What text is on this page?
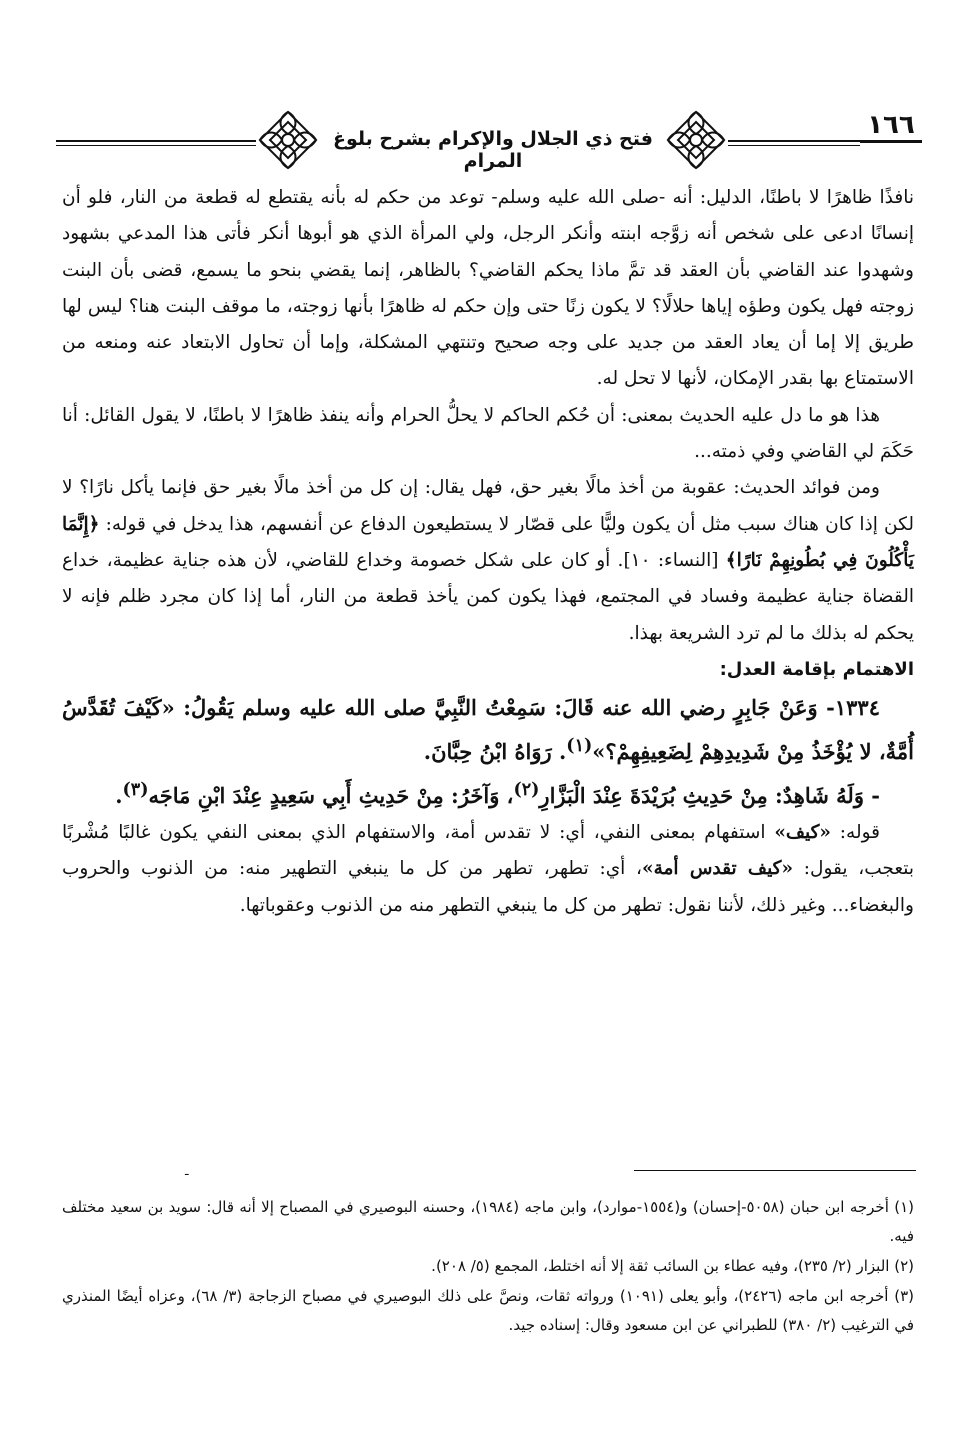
فتح ذي الجلال والإكرام بشرح بلوغ المرام
١٦٦

نافذًا ظاهرًا لا باطنًا، الدليل: أنه -صلى الله عليه وسلم- توعد من حكم له بأنه يقتطع له قطعة من النار، فلو أن إنسانًا ادعى على شخص أنه زوَّجه ابنته وأنكر الرجل، ولي المرأة الذي هو أبوها أنكر فأتى هذا المدعي بشهود وشهدوا عند القاضي بأن العقد قد تمَّ ماذا يحكم القاضي؟ بالظاهر، إنما يقضي بنحو ما يسمع، قضى بأن البنت زوجته فهل يكون وطؤه إياها حلالًا؟ لا يكون زنًا حتى وإن حكم له ظاهرًا بأنها زوجته، ما موقف البنت هنا؟ ليس لها طريق إلا إما أن يعاد العقد من جديد على وجه صحيح وتنتهي المشكلة، وإما أن تحاول الابتعاد عنه ومنعه من الاستمتاع بها بقدر الإمكان، لأنها لا تحل له.

هذا هو ما دل عليه الحديث بمعنى: أن حُكم الحاكم لا يحلُّ الحرام وأنه ينفذ ظاهرًا لا باطنًا، لا يقول القائل: أنا حَكَمَ لي القاضي وفي ذمته...

ومن فوائد الحديث: عقوبة من أخذ مالًا بغير حق، فهل يقال: إن كل من أخذ مالًا بغير حق فإنما يأكل نارًا؟ لا لكن إذا كان هناك سبب مثل أن يكون وليًّا على قصّار لا يستطيعون الدفاع عن أنفسهم، هذا يدخل في قوله: ﴿إِنَّمَا يَأْكُلُونَ فِي بُطُونِهِمْ نَارًا﴾ [النساء: ١٠]. أو كان على شكل خصومة وخداع للقاضي، لأن هذه جناية عظيمة، خداع القضاة جناية عظيمة وفساد في المجتمع، فهذا يكون كمن يأخذ قطعة من النار، أما إذا كان مجرد ظلم فإنه لا يحكم له بذلك ما لم ترد الشريعة بهذا.

الاهتمام بإقامة العدل:

١٣٣٤- وَعَنْ جَابِرٍ رضي الله عنه قَالَ: سَمِعْتُ النَّبِيَّ صلى الله عليه وسلم يَقُولُ: «كَيْفَ تُقَدَّسُ أُمَّةٌ، لا يُؤْخَذُ مِنْ شَدِيدِهِمْ لِضَعِيفِهِمْ؟»$^{(١)}$. رَوَاهُ ابْنُ حِبَّانَ.

- وَلَهُ شَاهِدٌ: مِنْ حَدِيثِ بُرَيْدَةَ عِنْدَ الْبَزَّارِ$^{(٢)}$، وَآخَرُ: مِنْ حَدِيثِ أَبِي سَعِيدٍ عِنْدَ ابْنِ مَاجَه$^{(٣)}$.

قوله: «كيف» استفهام بمعنى النفي، أي: لا تقدس أمة، والاستفهام الذي بمعنى النفي يكون غالبًا مُشْربًا بتعجب، يقول: «كيف تقدس أمة»، أي: تطهر، تطهر من كل ما ينبغي التطهير منه: من الذنوب والحروب والبغضاء... وغير ذلك، لأننا نقول: تطهر من كل ما ينبغي التطهر منه من الذنوب وعقوباتها.

ـ

(١) أخرجه ابن حبان (٥٠٥٨-إحسان) و(١٥٥٤-موارد)، وابن ماجه (١٩٨٤)، وحسنه البوصيري في المصباح إلا أنه قال: سويد بن سعيد مختلف فيه.

(٢) البزار (٢/ ٢٣٥)، وفيه عطاء بن السائب ثقة إلا أنه اختلط، المجمع (٥/ ٢٠٨).

(٣) أخرجه ابن ماجه (٢٤٢٦)، وأبو يعلى (١٠٩١) ورواته ثقات، ونصَّ على ذلك البوصيري في مصباح الزجاجة (٣/ ٦٨)، وعزاه أيضًا المنذري في الترغيب (٢/ ٣٨٠) للطبراني عن ابن مسعود وقال: إسناده جيد.
